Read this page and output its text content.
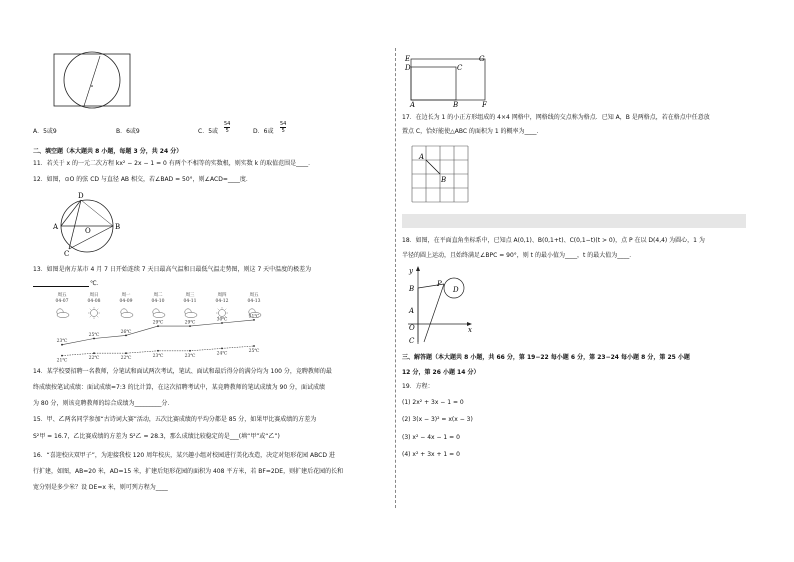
A．5或9	B．6或9	C．5或 $\frac{54}{5}$	D．6或 $\frac{54}{5}$
二、填空题（本大题共 8 小题，每题 3 分，共 24 分）
11．若关于 x 的一元二次方程 kx² − 2x − 1 = 0 有两个不相等的实数根，则实数 k 的取值范围是____．
12．如图，⊙O 的弦 CD 与直径 AB 相交，若∠BAD = 50°，则∠ACD=____度．
D
A	O	B
C
13．如图是南方某市 4 月 7 日开始连续 7 天日最高气温和日最低气温走势图，则这 7 天中温度的极差为
℃．
周五
04-07
23℃
21℃
周日
04-08
25℃
22℃
周一
04-09
26℃
22℃
周二
04-10
29℃
23℃
周三
04-11
29℃
23℃
周四
04-12
30℃
24℃
周五
04-13
31℃
25℃
14．某学校要招聘一名教师，分笔试和面试两次考试，笔试、面试和最后得分的满分均为 100 分，竞聘教师的最
终成绩按笔试成绩：面试成绩=7:3 的比计算，在这次招聘考试中，某竞聘教师的笔试成绩为 90 分，面试成绩
为 80 分，则该竞聘教师的综合成绩为_________分．
15．甲、乙两名同学参加“古诗词大赛”活动，五次比赛成绩的平均分都是 85 分，如果甲比赛成绩的方差为
S²甲 = 16.7，乙比赛成绩的方差为 S²乙 = 28.3，那么成绩比较稳定的是___(填“甲”或“乙”)
16．“喜迎校庆双甲子”，为迎接我校 120 周年校庆，某兴趣小组对校园进行美化改造，决定对矩形花园 ABCD 进
行扩建，如图，AB=20 米，AD=15 米，扩建后矩形花园的面积为 408 平方米，若 BF=2DE，则扩建后花园的长和
宽分别是多少米？设 DE=x 米，则可列方程为____
E	G
D	C
A	B	F
17．在边长为 1 的小正方形组成的 4×4 网格中，网格线的交点称为格点．已知 A，B 是两格点，若在格点中任意放
置点 C，恰好能使△ABC 的面积为 1 的概率为____．
A
B
18．如图，在平面直角坐标系中，已知点 A(0,1)、B(0,1+t)、C(0,1−t)(t > 0)，点 P 在以 D(4,4) 为圆心，1 为
半径的圆上运动，且始终满足∠BPC = 90°，则 t 的最小值为____，t 的最大值为____．
y
x
B
P
D
A
O
C
三、解答题（本大题共 8 小题，共 66 分，第 19−22 每小题 6 分，第 23−24 每小题 8 分，第 25 小题
12 分，第 26 小题 14 分）
19．方程：
(1) 2x² + 3x − 1 = 0
(2) 3(x − 3)² = x(x − 3)
(3) x² − 4x − 1 = 0
(4) x² + 3x + 1 = 0
